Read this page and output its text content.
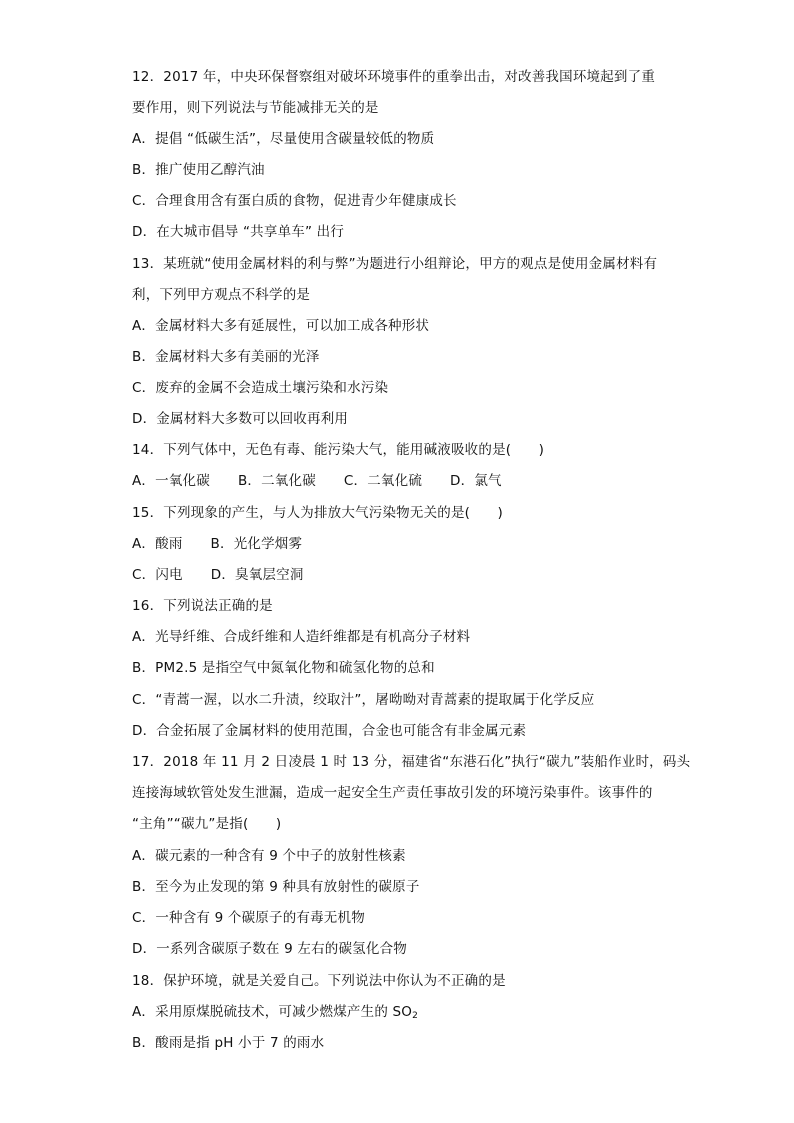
12．2017 年，中央环保督察组对破坏环境事件的重拳出击，对改善我国环境起到了重
要作用，则下列说法与节能减排无关的是
A．提倡 “低碳生活”，尽量使用含碳量较低的物质
B．推广使用乙醇汽油
C．合理食用含有蛋白质的食物，促进青少年健康成长
D．在大城市倡导 “共享单车” 出行
13．某班就“使用金属材料的利与弊”为题进行小组辩论，甲方的观点是使用金属材料有
利，下列甲方观点不科学的是
A．金属材料大多有延展性，可以加工成各种形状
B．金属材料大多有美丽的光泽
C．废弃的金属不会造成土壤污染和水污染
D．金属材料大多数可以回收再利用
14．下列气体中，无色有毒、能污染大气，能用碱液吸收的是(　　)
A．一氧化碳 B．二氧化碳 C．二氧化硫 D．氯气
15．下列现象的产生，与人为排放大气污染物无关的是(　　)
A．酸雨 B．光化学烟雾
C．闪电 D．臭氧层空洞
16．下列说法正确的是
A．光导纤维、合成纤维和人造纤维都是有机高分子材料
B．PM2.5 是指空气中氮氧化物和硫氢化物的总和
C．“青蒿一渥，以水二升渍，绞取汁”，屠呦呦对青蒿素的提取属于化学反应
D．合金拓展了金属材料的使用范围，合金也可能含有非金属元素
17．2018 年 11 月 2 日凌晨 1 时 13 分，福建省“东港石化”执行“碳九”装船作业时，码头
连接海域软管处发生泄漏，造成一起安全生产责任事故引发的环境污染事件。该事件的
“主角”“碳九”是指(　　)
A．碳元素的一种含有 9 个中子的放射性核素
B．至今为止发现的第 9 种具有放射性的碳原子
C．一种含有 9 个碳原子的有毒无机物
D．一系列含碳原子数在 9 左右的碳氢化合物
18．保护环境，就是关爱自己。下列说法中你认为不正确的是
A．采用原煤脱硫技术，可减少燃煤产生的 $SO_2$
B．酸雨是指 pH 小于 7 的雨水
